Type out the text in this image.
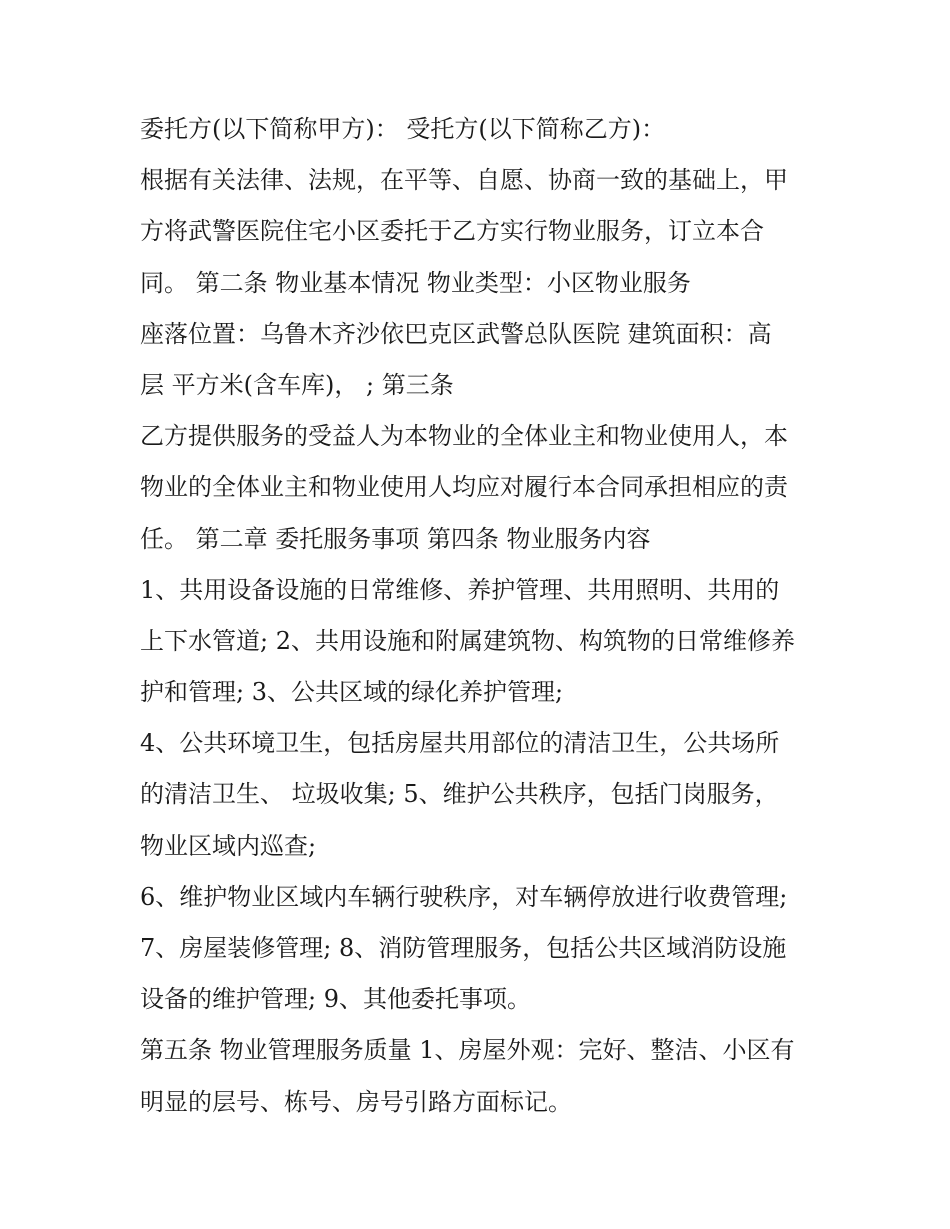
委托方(以下简称甲方)： 受托方(以下简称乙方)：
根据有关法律、法规，在平等、自愿、协商一致的基础上，甲
方将武警医院住宅小区委托于乙方实行物业服务，订立本合
同。 第二条 物业基本情况 物业类型：小区物业服务
座落位置：乌鲁木齐沙依巴克区武警总队医院 建筑面积：高
层 平方米(含车库)， ; 第三条
乙方提供服务的受益人为本物业的全体业主和物业使用人，本
物业的全体业主和物业使用人均应对履行本合同承担相应的责
任。 第二章 委托服务事项 第四条 物业服务内容
1、共用设备设施的日常维修、养护管理、共用照明、共用的
上下水管道; 2、共用设施和附属建筑物、构筑物的日常维修养
护和管理; 3、公共区域的绿化养护管理;
4、公共环境卫生，包括房屋共用部位的清洁卫生，公共场所
的清洁卫生、 垃圾收集; 5、维护公共秩序，包括门岗服务，
物业区域内巡查;
6、维护物业区域内车辆行驶秩序，对车辆停放进行收费管理;
7、房屋装修管理; 8、消防管理服务，包括公共区域消防设施
设备的维护管理; 9、其他委托事项。
第五条 物业管理服务质量 1、房屋外观：完好、整洁、小区有
明显的层号、栋号、房号引路方面标记。
